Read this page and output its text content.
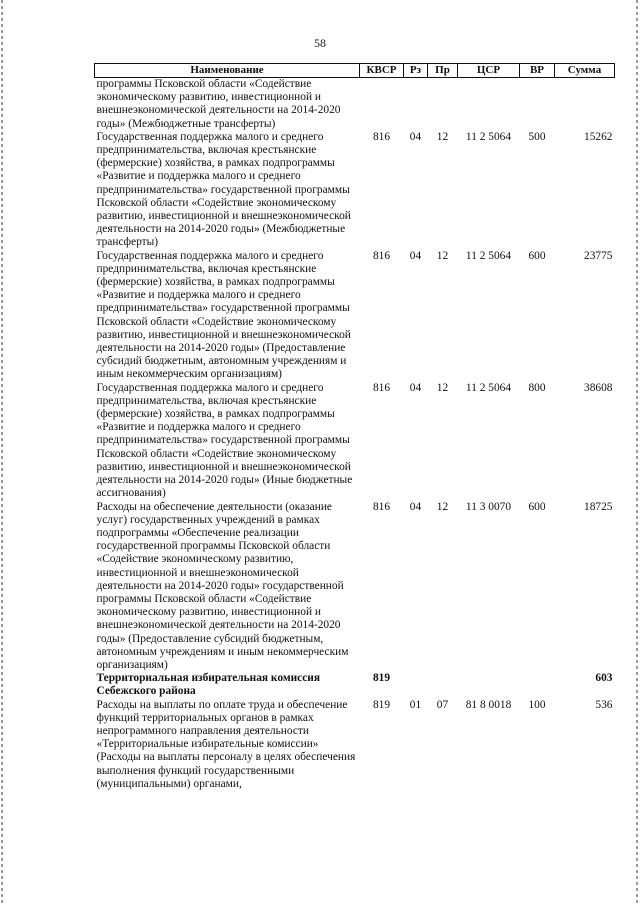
58
Наименование	КВСР	Рз	Пр	ЦСР	ВР	Сумма
программы Псковской области «Содействие экономическому развитию, инвестиционной и внешнеэкономической деятельности на 2014-2020 годы» (Межбюджетные трансферты)						
Государственная поддержка малого и среднего предпринимательства, включая крестьянские (фермерские) хозяйства, в рамках подпрограммы «Развитие и поддержка малого и среднего предпринимательства» государственной программы Псковской области «Содействие экономическому развитию, инвестиционной и внешнеэкономической деятельности на 2014-2020 годы» (Межбюджетные трансферты)	816	04	12	11 2 5064	500	15262
Государственная поддержка малого и среднего предпринимательства, включая крестьянские (фермерские) хозяйства, в рамках подпрограммы «Развитие и поддержка малого и среднего предпринимательства» государственной программы Псковской области «Содействие экономическому развитию, инвестиционной и внешнеэкономической деятельности на 2014-2020 годы» (Предоставление субсидий бюджетным, автономным учреждениям и иным некоммерческим организациям)	816	04	12	11 2 5064	600	23775
Государственная поддержка малого и среднего предпринимательства, включая крестьянские (фермерские) хозяйства, в рамках подпрограммы «Развитие и поддержка малого и среднего предпринимательства» государственной программы Псковской области «Содействие экономическому развитию, инвестиционной и внешнеэкономической деятельности на 2014-2020 годы» (Иные бюджетные ассигнования)	816	04	12	11 2 5064	800	38608
Расходы на обеспечение деятельности (оказание услуг) государственных учреждений в рамках подпрограммы «Обеспечение реализации государственной программы Псковской области «Содействие экономическому развитию, инвестиционной и внешнеэкономической деятельности на 2014-2020 годы» государственной программы Псковской области «Содействие экономическому развитию, инвестиционной и внешнеэкономической деятельности на 2014-2020 годы» (Предоставление субсидий бюджетным, автономным учреждениям и иным некоммерческим организациям)	816	04	12	11 3 0070	600	18725
Территориальная избирательная комиссия Себежского района	819					603
Расходы на выплаты по оплате труда и обеспечение функций территориальных органов в рамках непрограммного направления деятельности «Территориальные избирательные комиссии» (Расходы на выплаты персоналу в целях обеспечения выполнения функций государственными (муниципальными) органами,	819	01	07	81 8 0018	100	536
